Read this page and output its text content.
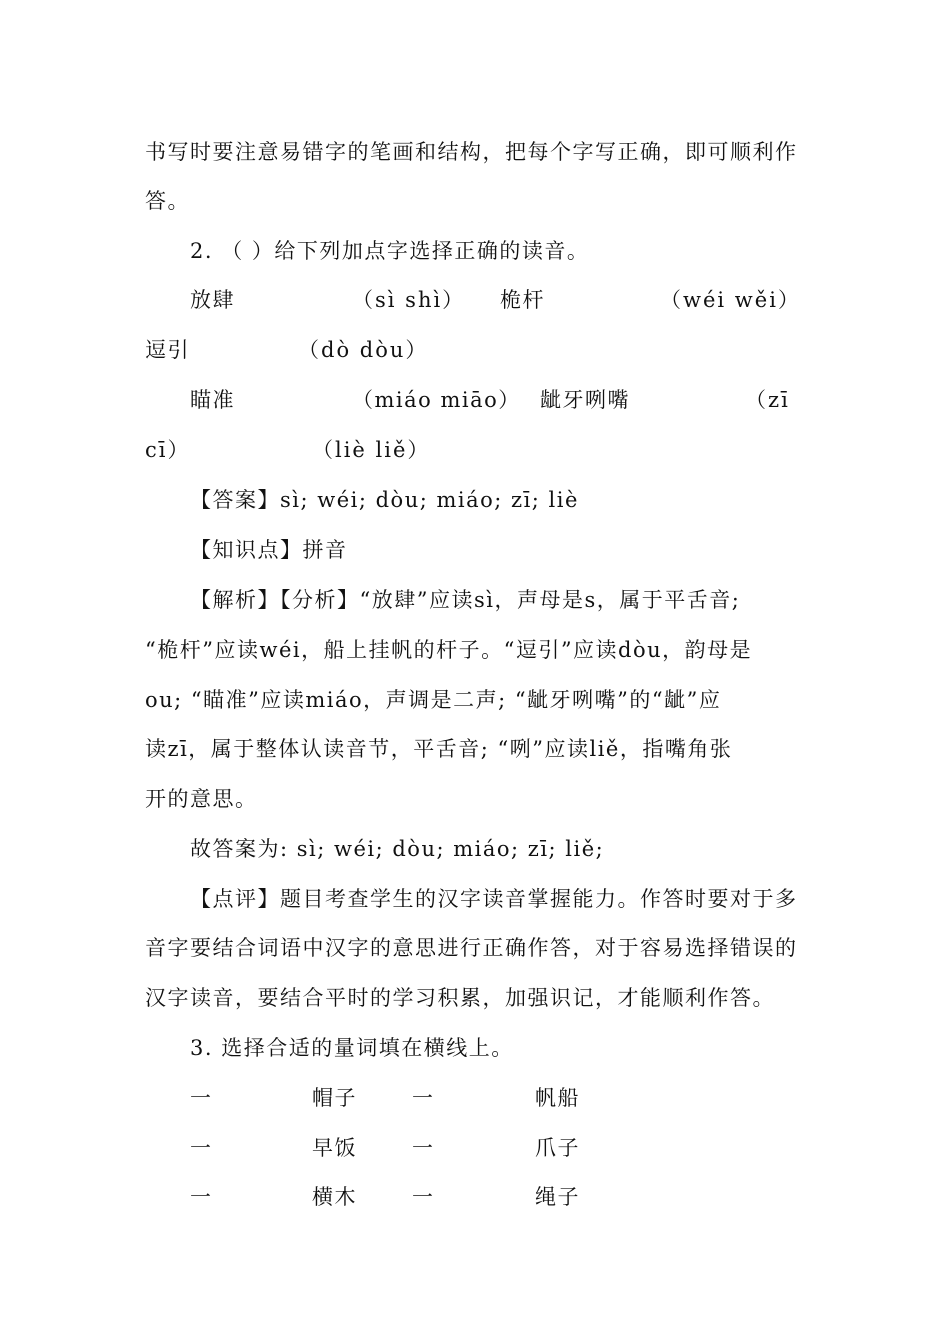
书写时要注意易错字的笔画和结构，把每个字写正确，即可顺利作
答。
2. （ ）给下列加点字选择正确的读音。
放肆	（sì shì） 桅杆	（wéi wěi）
逗引	（dò dòu）
瞄准	（miáo miāo） 龇牙咧嘴	（zī
cī）	（liè liě）
【答案】sì; wéi; dòu; miáo; zī; liè
【知识点】拼音
【解析】【分析】“放肆”应读sì，声母是s，属于平舌音;
“桅杆”应读wéi，船上挂帆的杆子。“逗引”应读dòu，韵母是
ou; “瞄准”应读miáo，声调是二声; “龇牙咧嘴”的“龇”应
读zī，属于整体认读音节，平舌音; “咧”应读liě，指嘴角张
开的意思。
故答案为: sì; wéi; dòu; miáo; zī; liě;
【点评】题目考查学生的汉字读音掌握能力。作答时要对于多
音字要结合词语中汉字的意思进行正确作答，对于容易选择错误的
汉字读音，要结合平时的学习积累，加强识记，才能顺利作答。
3. 选择合适的量词填在横线上。
一	帽子	一	帆船
一	早饭	一	爪子
一	横木	一	绳子
